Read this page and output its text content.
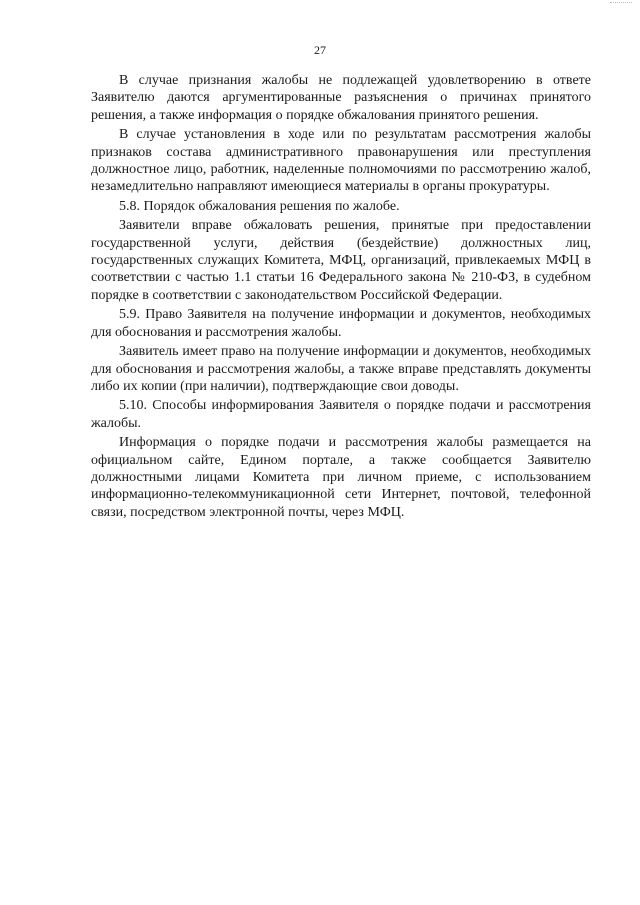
27

В случае признания жалобы не подлежащей удовлетворению в ответе Заявителю даются аргументированные разъяснения о причинах принятого решения, а также информация о порядке обжалования принятого решения.

В случае установления в ходе или по результатам рассмотрения жалобы признаков состава административного правонарушения или преступления должностное лицо, работник, наделенные полномочиями по рассмотрению жалоб, незамедлительно направляют имеющиеся материалы в органы прокуратуры.

5.8. Порядок обжалования решения по жалобе.

Заявители вправе обжаловать решения, принятые при предоставлении государственной услуги, действия (бездействие) должностных лиц, государственных служащих Комитета, МФЦ, организаций, привлекаемых МФЦ в соответствии с частью 1.1 статьи 16 Федерального закона № 210-ФЗ, в судебном порядке в соответствии с законодательством Российской Федерации.

5.9. Право Заявителя на получение информации и документов, необходимых для обоснования и рассмотрения жалобы.

Заявитель имеет право на получение информации и документов, необходимых для обоснования и рассмотрения жалобы, а также вправе представлять документы либо их копии (при наличии), подтверждающие свои доводы.

5.10. Способы информирования Заявителя о порядке подачи и рассмотрения жалобы.

Информация о порядке подачи и рассмотрения жалобы размещается на официальном сайте, Едином портале, а также сообщается Заявителю должностными лицами Комитета при личном приеме, с использованием информационно-телекоммуникационной сети Интернет, почтовой, телефонной связи, посредством электронной почты, через МФЦ.
